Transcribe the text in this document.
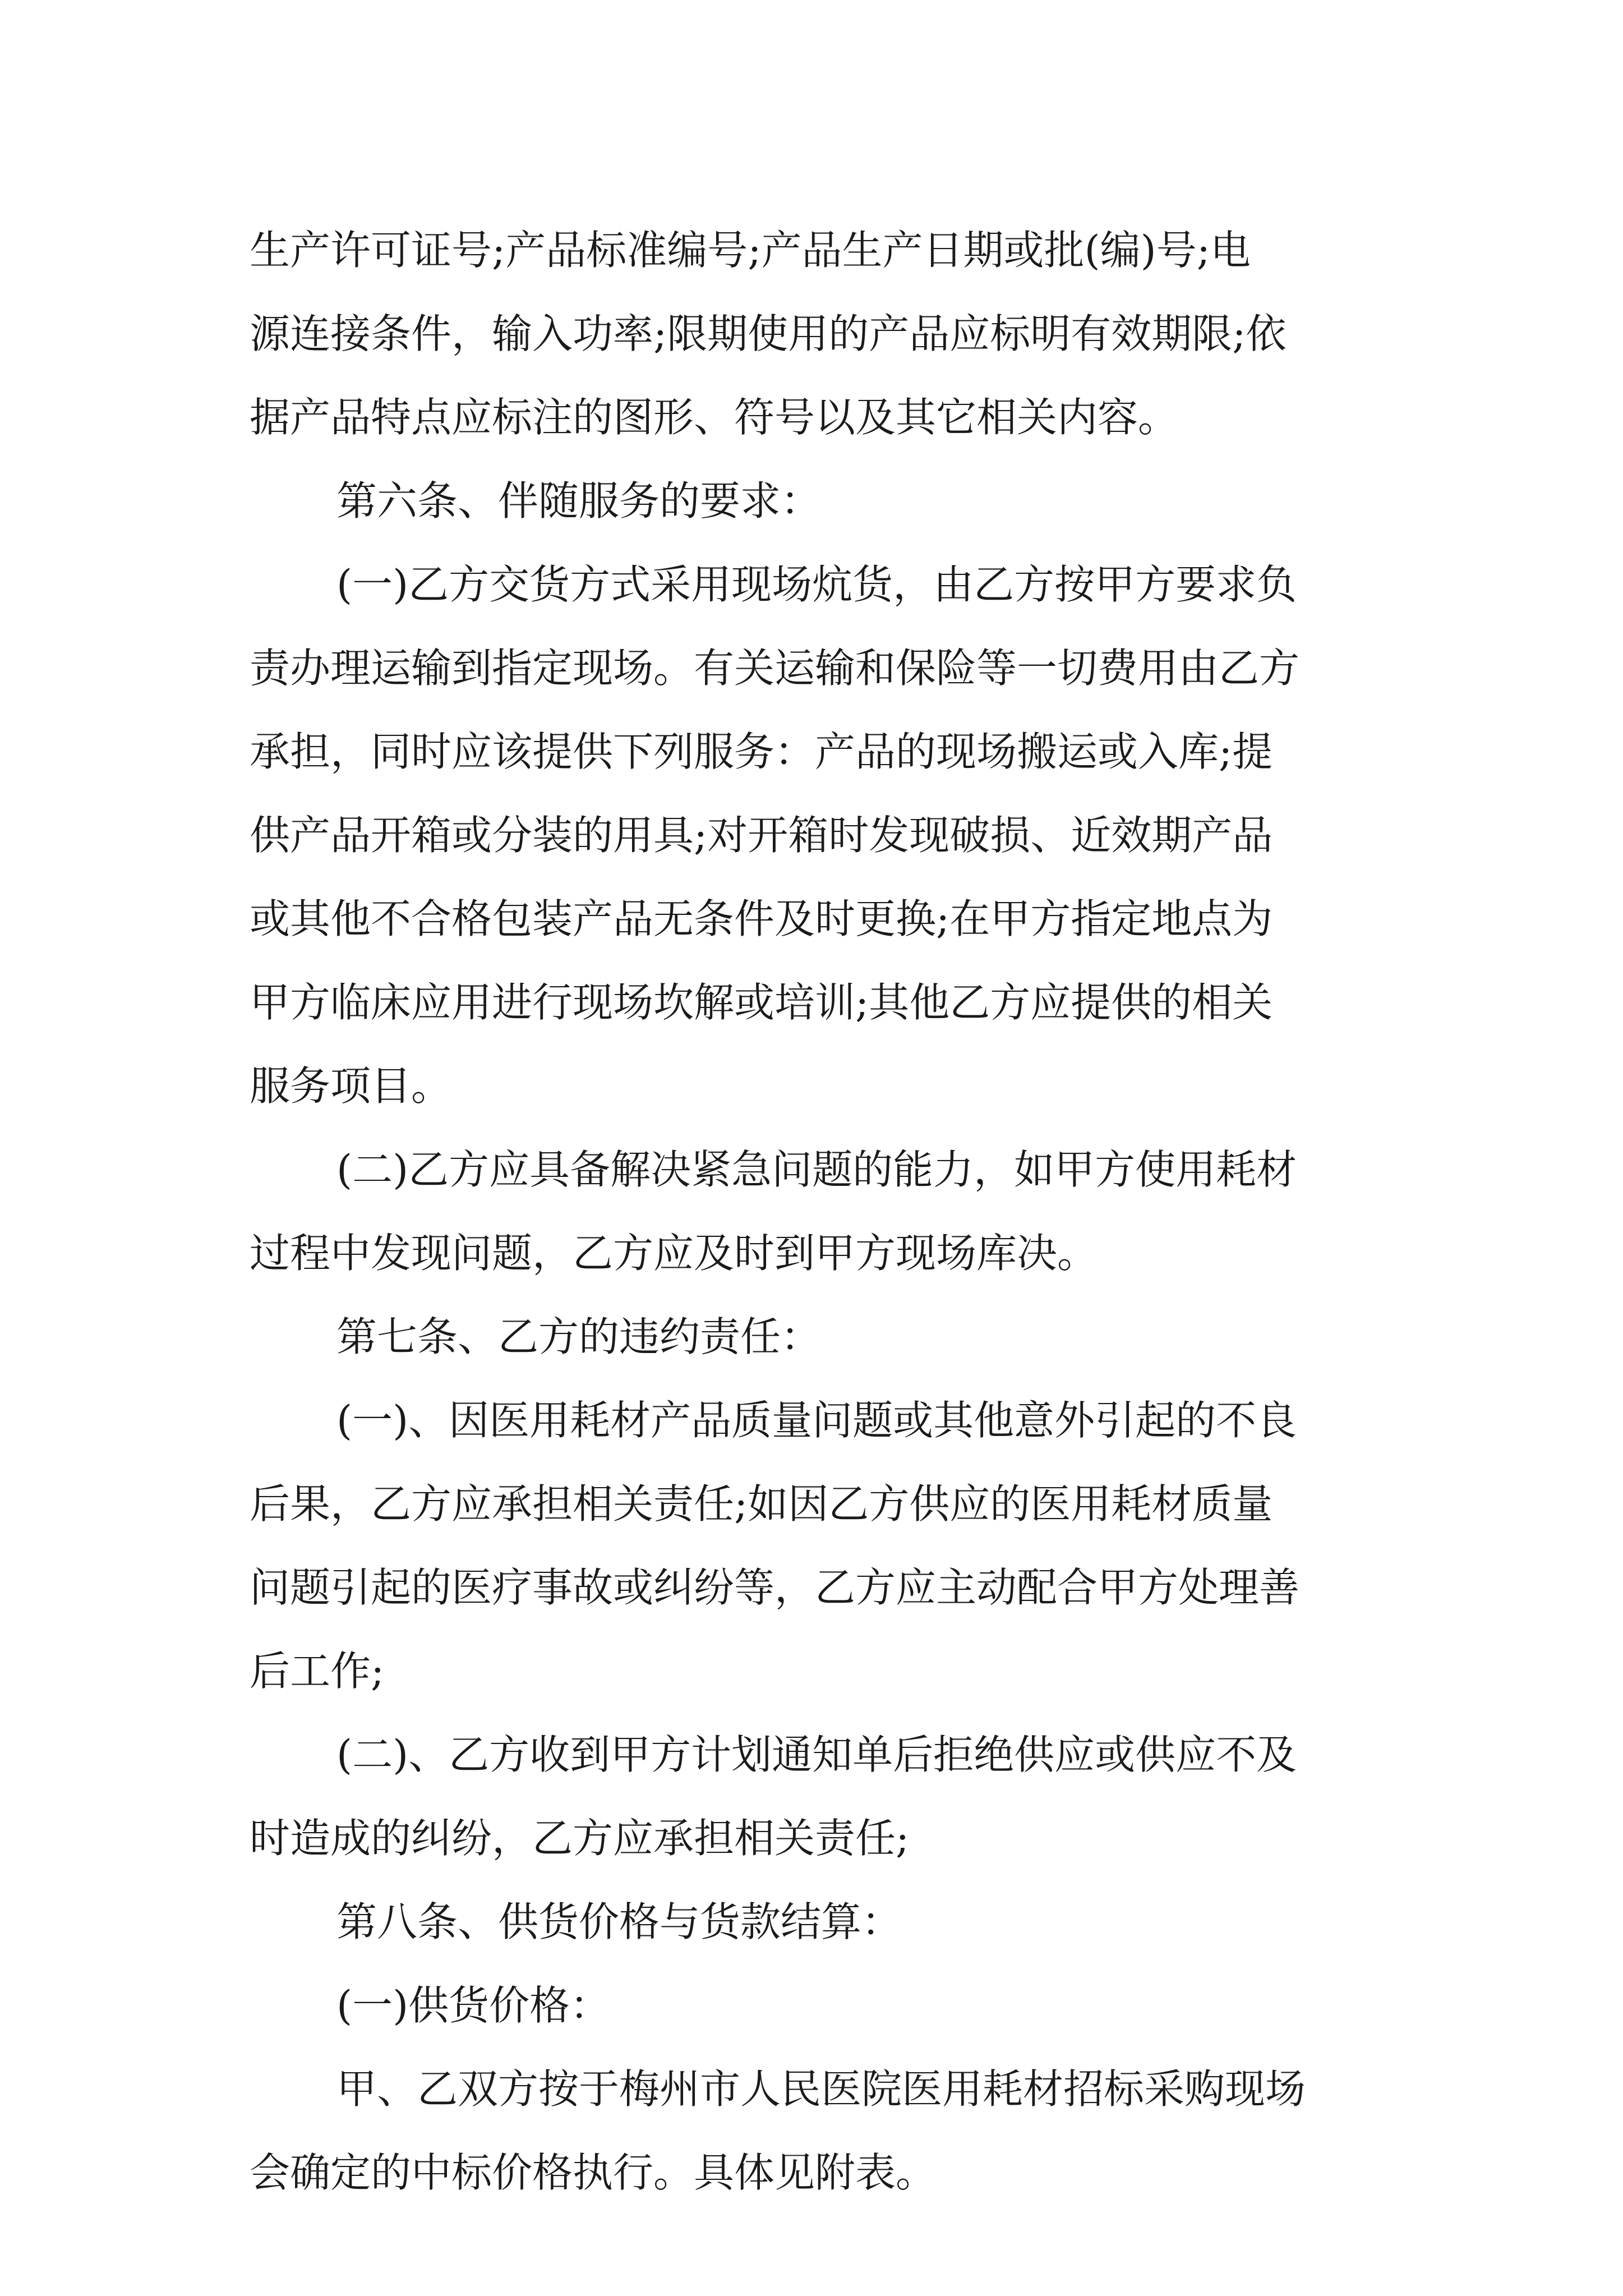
生产许可证号;产品标准编号;产品生产日期或批(编)号;电
源连接条件，输入功率;限期使用的产品应标明有效期限;依
据产品特点应标注的图形、符号以及其它相关内容。
第六条、伴随服务的要求：
(一)乙方交货方式采用现场炕货，由乙方按甲方要求负
责办理运输到指定现场。有关运输和保险等一切费用由乙方
承担，同时应该提供下列服务：产品的现场搬运或入库;提
供产品开箱或分装的用具;对开箱时发现破损、近效期产品
或其他不合格包装产品无条件及时更换;在甲方指定地点为
甲方临床应用进行现场坎解或培训;其他乙方应提供的相关
服务项目。
(二)乙方应具备解决紧急问题的能力，如甲方使用耗材
过程中发现问题，乙方应及时到甲方现场库决。
第七条、乙方的违约责任：
(一)、因医用耗材产品质量问题或其他意外引起的不良
后果，乙方应承担相关责任;如因乙方供应的医用耗材质量
问题引起的医疗事故或纠纷等，乙方应主动配合甲方处理善
后工作;
(二)、乙方收到甲方计划通知单后拒绝供应或供应不及
时造成的纠纷，乙方应承担相关责任;
第八条、供货价格与货款结算：
(一)供货价格：
甲、乙双方按于梅州市人民医院医用耗材招标采购现场
会确定的中标价格执行。具体见附表。
